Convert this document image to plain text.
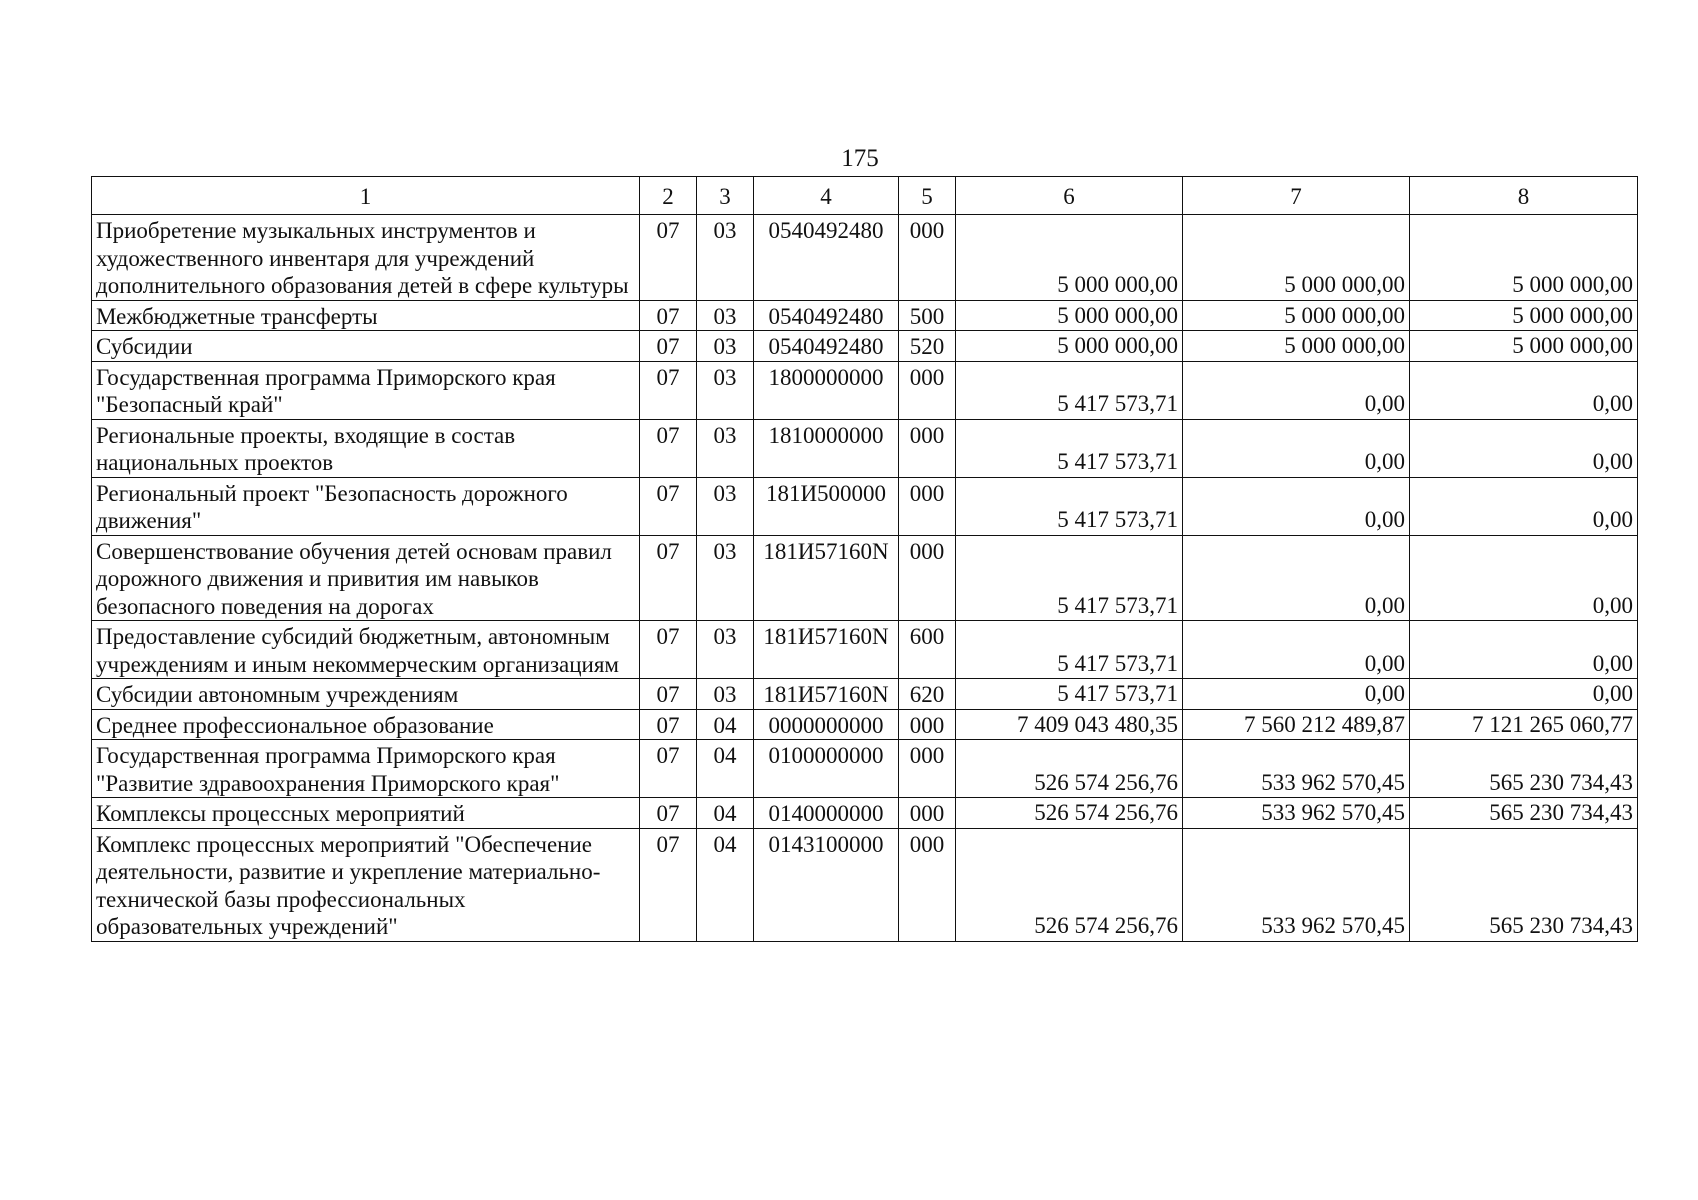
175
1	2	3	4	5	6	7	8
Приобретение музыкальных инструментов и художественного инвентаря для учреждений дополнительного образования детей в сфере культуры	07	03	0540492480	000	5 000 000,00	5 000 000,00	5 000 000,00
Межбюджетные трансферты	07	03	0540492480	500	5 000 000,00	5 000 000,00	5 000 000,00
Субсидии	07	03	0540492480	520	5 000 000,00	5 000 000,00	5 000 000,00
Государственная программа Приморского края "Безопасный край"	07	03	1800000000	000	5 417 573,71	0,00	0,00
Региональные проекты, входящие в состав национальных проектов	07	03	1810000000	000	5 417 573,71	0,00	0,00
Региональный проект "Безопасность дорожного движения"	07	03	181И500000	000	5 417 573,71	0,00	0,00
Совершенствование обучения детей основам правил дорожного движения и привития им навыков безопасного поведения на дорогах	07	03	181И57160N	000	5 417 573,71	0,00	0,00
Предоставление субсидий бюджетным, автономным учреждениям и иным некоммерческим организациям	07	03	181И57160N	600	5 417 573,71	0,00	0,00
Субсидии автономным учреждениям	07	03	181И57160N	620	5 417 573,71	0,00	0,00
Среднее профессиональное образование	07	04	0000000000	000	7 409 043 480,35	7 560 212 489,87	7 121 265 060,77
Государственная программа Приморского края "Развитие здравоохранения Приморского края"	07	04	0100000000	000	526 574 256,76	533 962 570,45	565 230 734,43
Комплексы процессных мероприятий	07	04	0140000000	000	526 574 256,76	533 962 570,45	565 230 734,43
Комплекс процессных мероприятий "Обеспечение деятельности, развитие и укрепление материально-технической базы профессиональных образовательных учреждений"	07	04	0143100000	000	526 574 256,76	533 962 570,45	565 230 734,43
